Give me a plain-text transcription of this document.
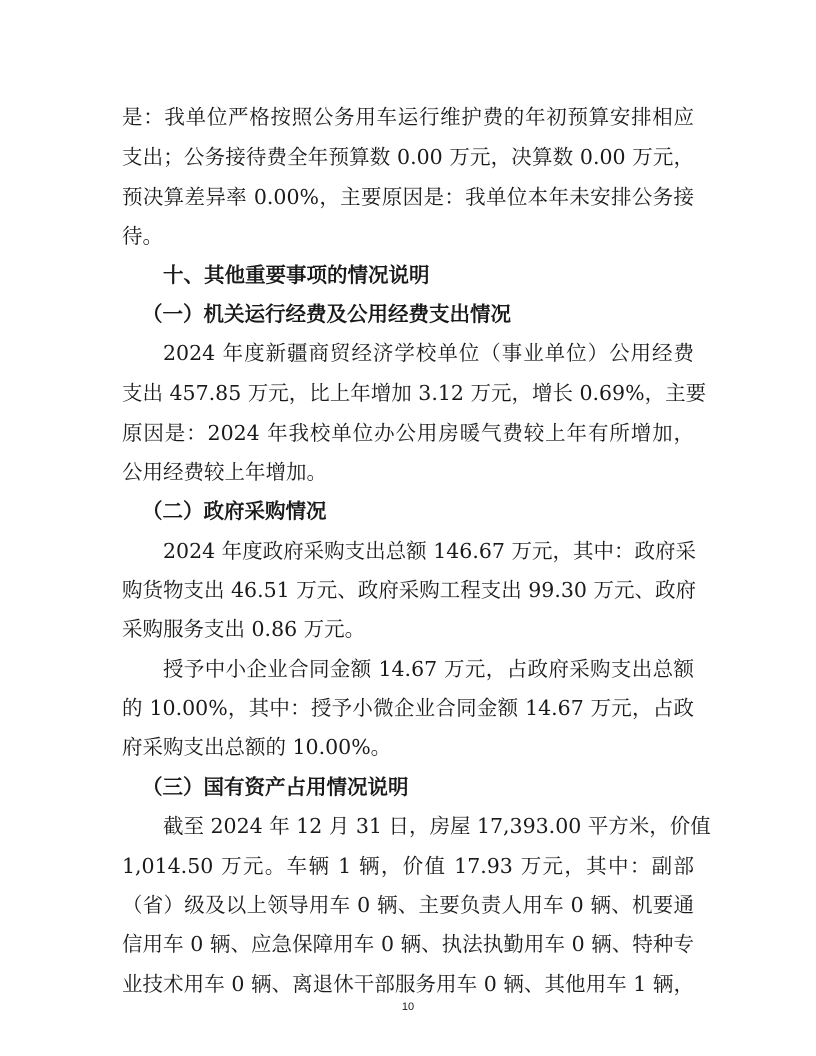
是：我单位严格按照公务用车运行维护费的年初预算安排相应
支出；公务接待费全年预算数 0.00 万元，决算数 0.00 万元，
预决算差异率 0.00%，主要原因是：我单位本年未安排公务接
待。
十、其他重要事项的情况说明
（一）机关运行经费及公用经费支出情况
2024 年度新疆商贸经济学校单位（事业单位）公用经费
支出 457.85 万元，比上年增加 3.12 万元，增长 0.69%，主要
原因是：2024 年我校单位办公用房暖气费较上年有所增加，
公用经费较上年增加。
（二）政府采购情况
2024 年度政府采购支出总额 146.67 万元，其中：政府采
购货物支出 46.51 万元、政府采购工程支出 99.30 万元、政府
采购服务支出 0.86 万元。
授予中小企业合同金额 14.67 万元，占政府采购支出总额
的 10.00%，其中：授予小微企业合同金额 14.67 万元，占政
府采购支出总额的 10.00%。
（三）国有资产占用情况说明
截至 2024 年 12 月 31 日，房屋 17,393.00 平方米，价值
1,014.50 万元。车辆 1 辆，价值 17.93 万元，其中：副部
（省）级及以上领导用车 0 辆、主要负责人用车 0 辆、机要通
信用车 0 辆、应急保障用车 0 辆、执法执勤用车 0 辆、特种专
业技术用车 0 辆、离退休干部服务用车 0 辆、其他用车 1 辆，
10
